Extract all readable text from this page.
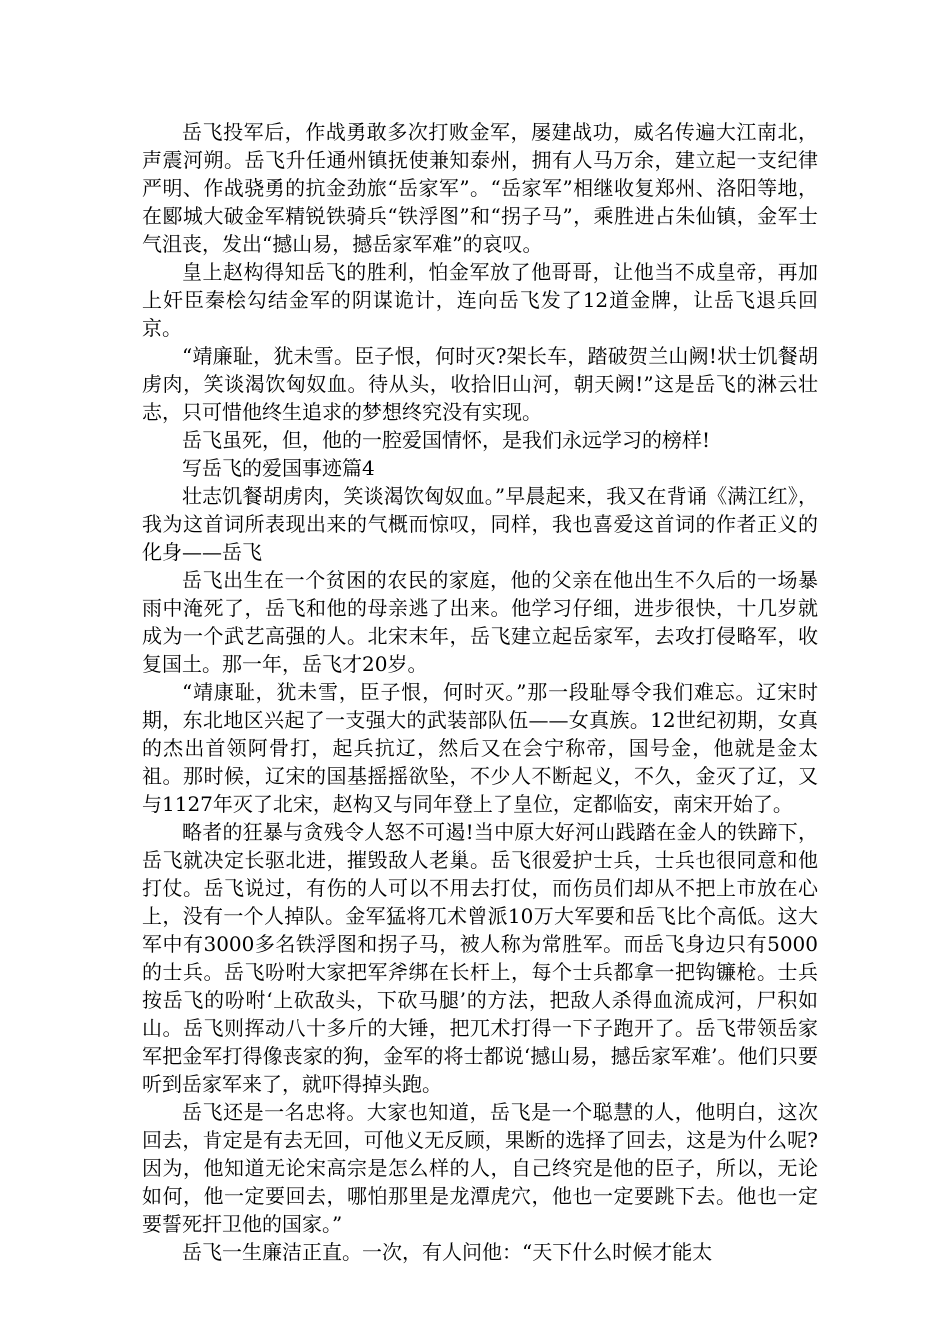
岳飞投军后，作战勇敢多次打败金军，屡建战功，威名传遍大江南北，声震河朔。岳飞升任通州镇抚使兼知泰州，拥有人马万余，建立起一支纪律严明、作战骁勇的抗金劲旅“岳家军”。“岳家军”相继收复郑州、洛阳等地，在郾城大破金军精锐铁骑兵“铁浮图”和“拐子马”，乘胜进占朱仙镇，金军士气沮丧，发出“撼山易，撼岳家军难”的哀叹。

皇上赵构得知岳飞的胜利，怕金军放了他哥哥，让他当不成皇帝，再加上奸臣秦桧勾结金军的阴谋诡计，连向岳飞发了12道金牌，让岳飞退兵回京。

“靖廉耻，犹未雪。臣子恨，何时灭?架长车，踏破贺兰山阙!状士饥餐胡虏肉，笑谈渴饮匈奴血。待从头，收拾旧山河，朝天阙!”这是岳飞的淋云壮志，只可惜他终生追求的梦想终究没有实现。

岳飞虽死，但，他的一腔爱国情怀，是我们永远学习的榜样!

写岳飞的爱国事迹篇4

壮志饥餐胡虏肉，笑谈渴饮匈奴血。”早晨起来，我又在背诵《满江红》，我为这首词所表现出来的气概而惊叹，同样，我也喜爱这首词的作者正义的化身——岳飞

岳飞出生在一个贫困的农民的家庭，他的父亲在他出生不久后的一场暴雨中淹死了，岳飞和他的母亲逃了出来。他学习仔细，进步很快，十几岁就成为一个武艺高强的人。北宋末年，岳飞建立起岳家军，去攻打侵略军，收复国土。那一年，岳飞才20岁。

“靖康耻，犹未雪，臣子恨，何时灭。”那一段耻辱令我们难忘。辽宋时期，东北地区兴起了一支强大的武装部队伍——女真族。12世纪初期，女真的杰出首领阿骨打，起兵抗辽，然后又在会宁称帝，国号金，他就是金太祖。那时候，辽宋的国基摇摇欲坠，不少人不断起义，不久，金灭了辽，又与1127年灭了北宋，赵构又与同年登上了皇位，定都临安，南宋开始了。

略者的狂暴与贪残令人怒不可遏!当中原大好河山践踏在金人的铁蹄下，岳飞就决定长驱北进，摧毁敌人老巢。岳飞很爱护士兵，士兵也很同意和他打仗。岳飞说过，有伤的人可以不用去打仗，而伤员们却从不把上市放在心上，没有一个人掉队。金军猛将兀术曾派10万大军要和岳飞比个高低。这大军中有3000多名铁浮图和拐子马，被人称为常胜军。而岳飞身边只有5000的士兵。岳飞吩咐大家把军斧绑在长杆上，每个士兵都拿一把钩镰枪。士兵按岳飞的吩咐‘上砍敌头，下砍马腿’的方法，把敌人杀得血流成河，尸积如山。岳飞则挥动八十多斤的大锤，把兀术打得一下子跑开了。岳飞带领岳家军把金军打得像丧家的狗，金军的将士都说‘撼山易，撼岳家军难’。他们只要听到岳家军来了，就吓得掉头跑。

岳飞还是一名忠将。大家也知道，岳飞是一个聪慧的人，他明白，这次回去，肯定是有去无回，可他义无反顾，果断的选择了回去，这是为什么呢?因为，他知道无论宋高宗是怎么样的人，自己终究是他的臣子，所以，无论如何，他一定要回去，哪怕那里是龙潭虎穴，他也一定要跳下去。他也一定要誓死扞卫他的国家。”

岳飞一生廉洁正直。一次，有人问他：“天下什么时候才能太
